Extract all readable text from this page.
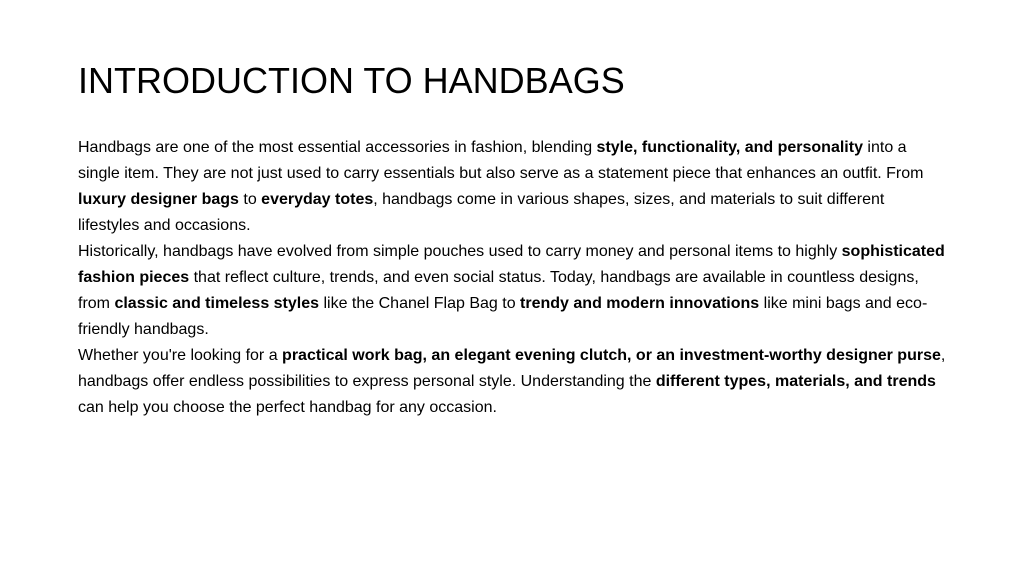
INTRODUCTION TO HANDBAGS

Handbags are one of the most essential accessories in fashion, blending style, functionality, and personality into a single item. They are not just used to carry essentials but also serve as a statement piece that enhances an outfit. From luxury designer bags to everyday totes, handbags come in various shapes, sizes, and materials to suit different lifestyles and occasions.

Historically, handbags have evolved from simple pouches used to carry money and personal items to highly sophisticated fashion pieces that reflect culture, trends, and even social status. Today, handbags are available in countless designs, from classic and timeless styles like the Chanel Flap Bag to trendy and modern innovations like mini bags and eco-friendly handbags.

Whether you're looking for a practical work bag, an elegant evening clutch, or an investment-worthy designer purse, handbags offer endless possibilities to express personal style. Understanding the different types, materials, and trends can help you choose the perfect handbag for any occasion.
